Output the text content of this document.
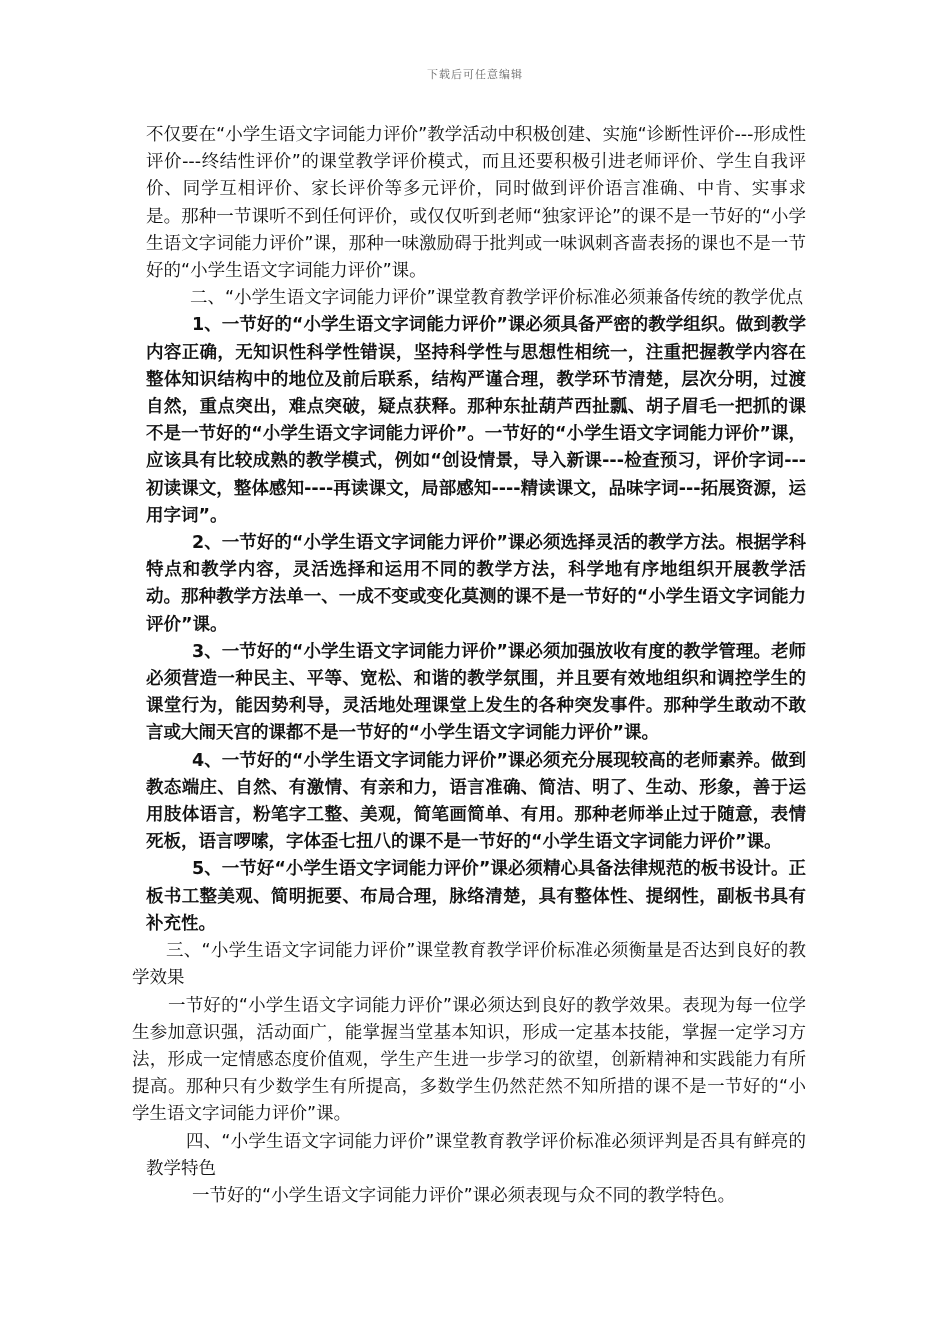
下载后可任意编辑

不仅要在“小学生语文字词能力评价”教学活动中积极创建、实施“诊断性评价---形成性评价---终结性评价”的课堂教学评价模式，而且还要积极引进老师评价、学生自我评价、同学互相评价、家长评价等多元评价，同时做到评价语言准确、中肯、实事求是。那种一节课听不到任何评价，或仅仅听到老师“独家评论”的课不是一节好的“小学生语文字词能力评价”课，那种一味激励碍于批判或一味讽刺吝啬表扬的课也不是一节好的“小学生语文字词能力评价”课。

二、“小学生语文字词能力评价”课堂教育教学评价标准必须兼备传统的教学优点

1、一节好的“小学生语文字词能力评价”课必须具备严密的教学组织。做到教学内容正确，无知识性科学性错误，坚持科学性与思想性相统一，注重把握教学内容在整体知识结构中的地位及前后联系，结构严谨合理，教学环节清楚，层次分明，过渡自然，重点突出，难点突破，疑点获释。那种东扯葫芦西扯瓢、胡子眉毛一把抓的课不是一节好的“小学生语文字词能力评价”。一节好的“小学生语文字词能力评价”课，应该具有比较成熟的教学模式，例如“创设情景，导入新课---检查预习，评价字词---初读课文，整体感知----再读课文，局部感知----精读课文，品味字词---拓展资源，运用字词”。

2、一节好的“小学生语文字词能力评价”课必须选择灵活的教学方法。根据学科特点和教学内容，灵活选择和运用不同的教学方法，科学地有序地组织开展教学活动。那种教学方法单一、一成不变或变化莫测的课不是一节好的“小学生语文字词能力评价”课。

3、一节好的“小学生语文字词能力评价”课必须加强放收有度的教学管理。老师必须营造一种民主、平等、宽松、和谐的教学氛围，并且要有效地组织和调控学生的课堂行为，能因势利导，灵活地处理课堂上发生的各种突发事件。那种学生敢动不敢言或大闹天宫的课都不是一节好的“小学生语文字词能力评价”课。

4、一节好的“小学生语文字词能力评价”课必须充分展现较高的老师素养。做到教态端庄、自然、有激情、有亲和力，语言准确、简洁、明了、生动、形象，善于运用肢体语言，粉笔字工整、美观，简笔画简单、有用。那种老师举止过于随意，表情死板，语言啰嗦，字体歪七扭八的课不是一节好的“小学生语文字词能力评价”课。

5、一节好“小学生语文字词能力评价”课必须精心具备法律规范的板书设计。正板书工整美观、简明扼要、布局合理，脉络清楚，具有整体性、提纲性，副板书具有补充性。

三、“小学生语文字词能力评价”课堂教育教学评价标准必须衡量是否达到良好的教学效果

一节好的“小学生语文字词能力评价”课必须达到良好的教学效果。表现为每一位学生参加意识强，活动面广，能掌握当堂基本知识，形成一定基本技能，掌握一定学习方法，形成一定情感态度价值观，学生产生进一步学习的欲望，创新精神和实践能力有所提高。那种只有少数学生有所提高，多数学生仍然茫然不知所措的课不是一节好的“小学生语文字词能力评价”课。

四、“小学生语文字词能力评价”课堂教育教学评价标准必须评判是否具有鲜亮的教学特色

一节好的“小学生语文字词能力评价”课必须表现与众不同的教学特色。
